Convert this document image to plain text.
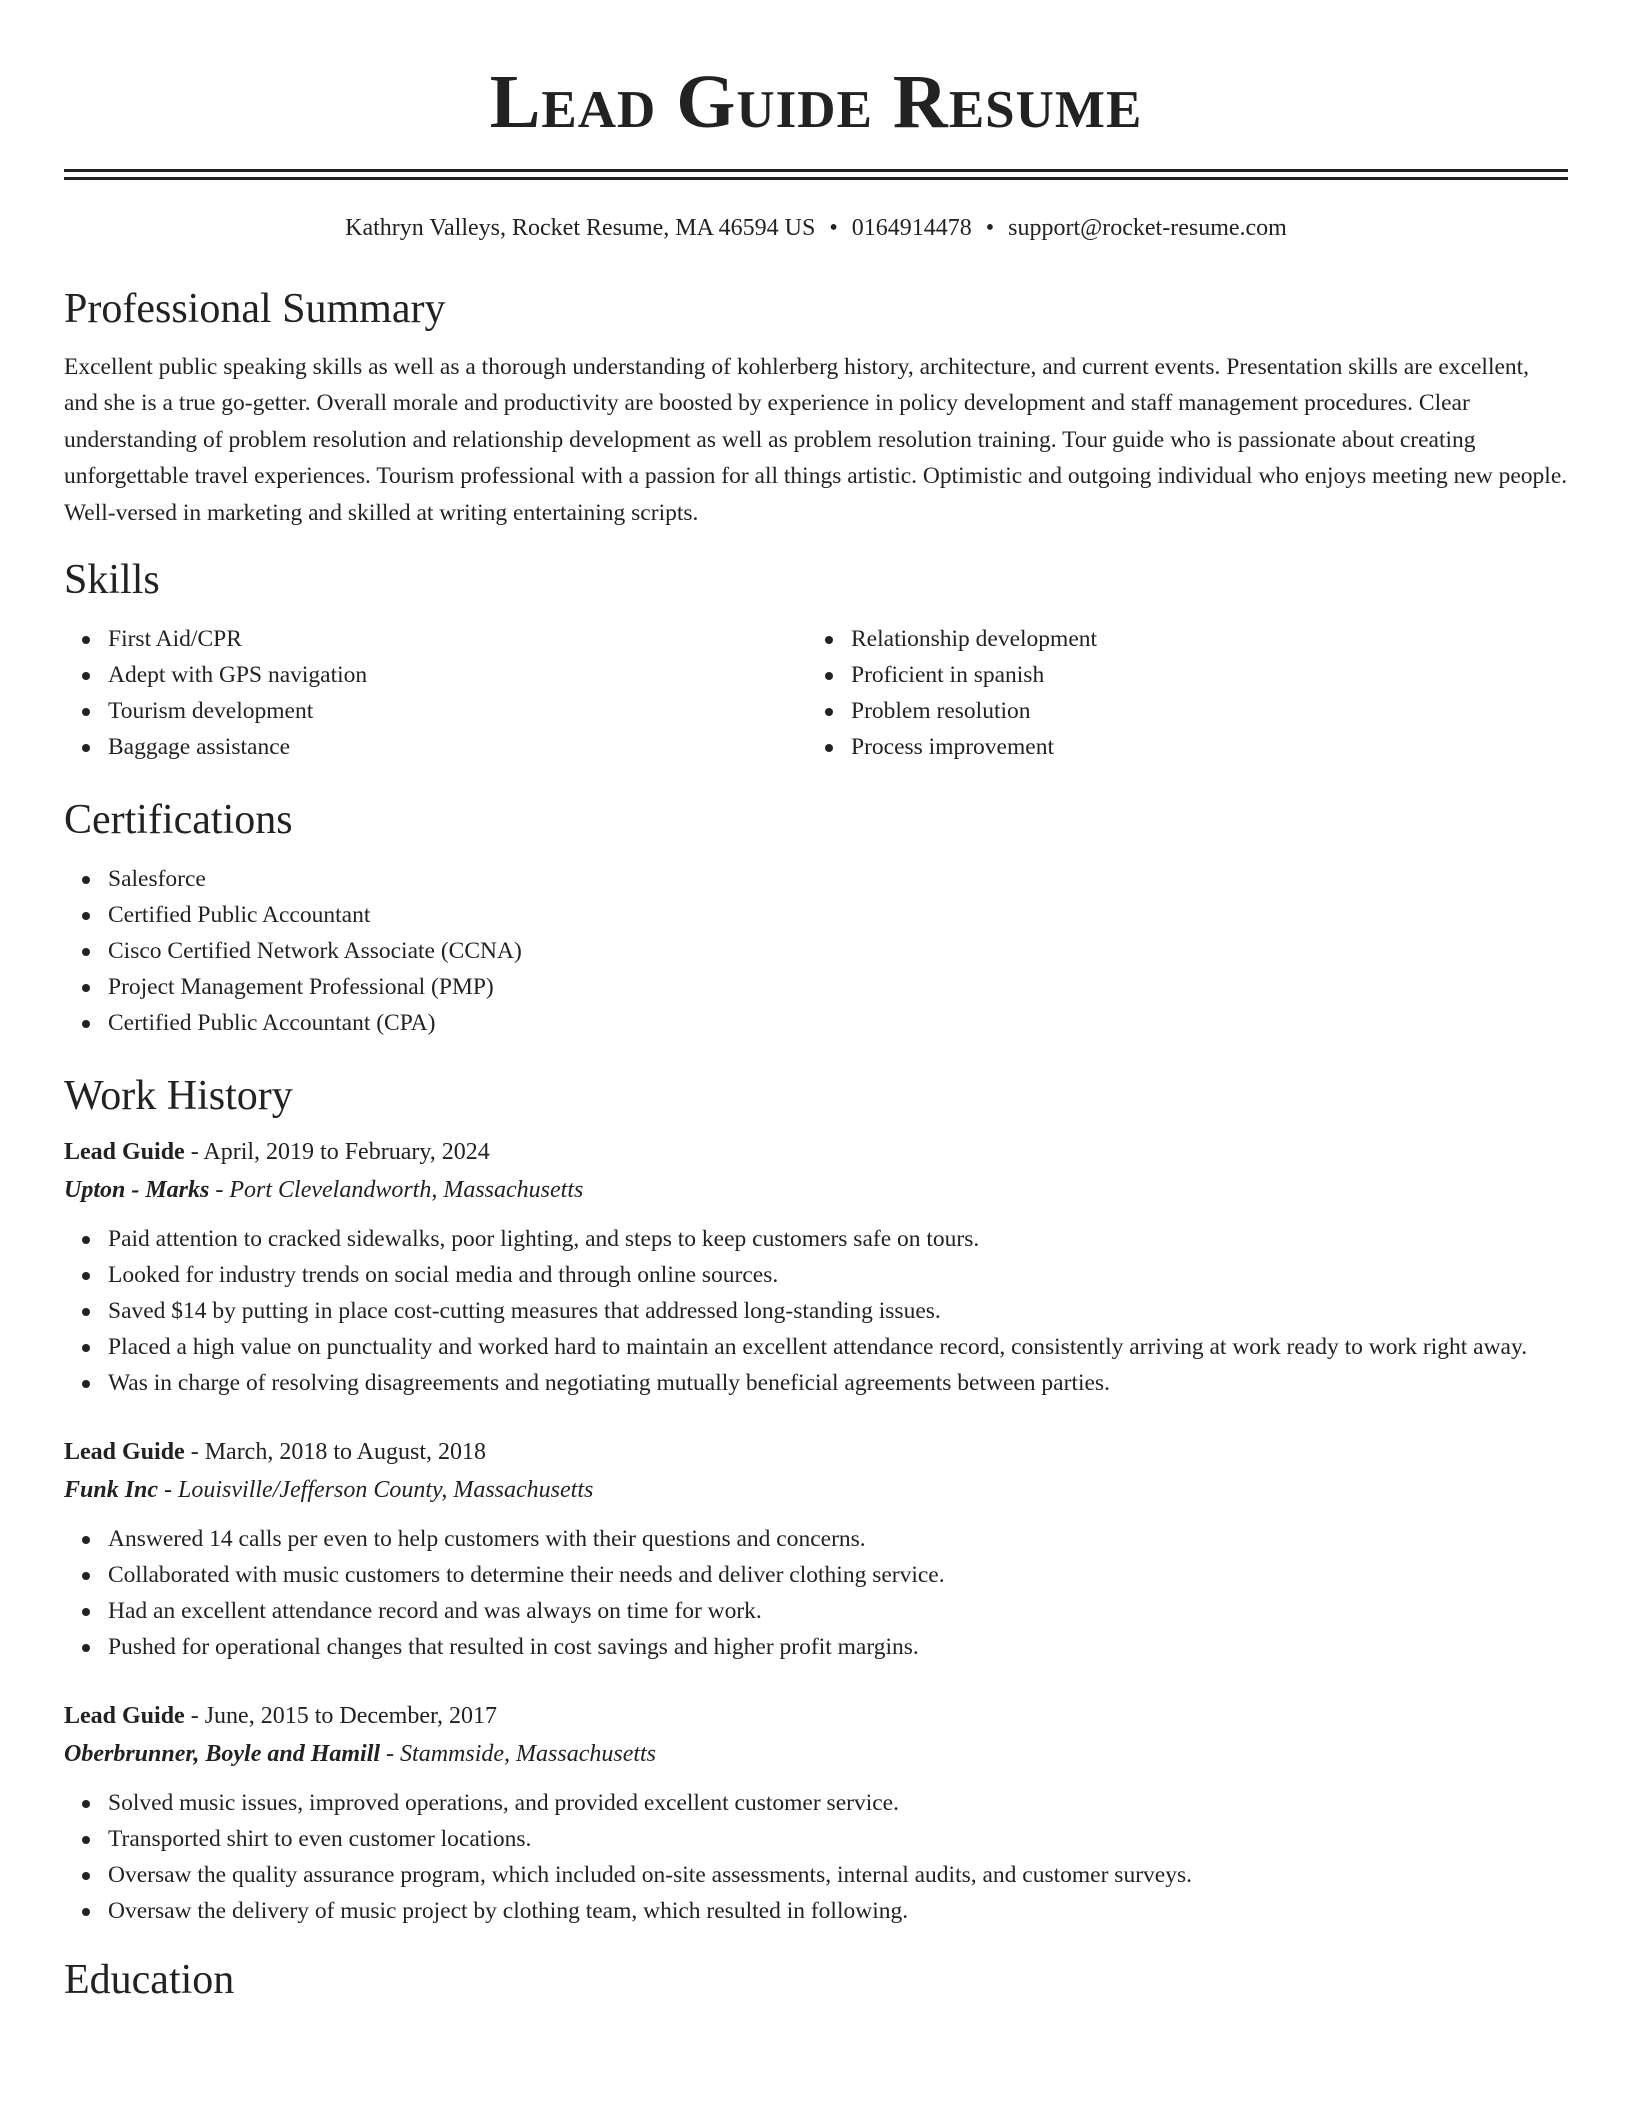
Lead Guide Resume
Kathryn Valleys, Rocket Resume, MA 46594 US • 0164914478 • support@rocket-resume.com
Professional Summary

Excellent public speaking skills as well as a thorough understanding of kohlerberg history, architecture, and current events. Presentation skills are excellent, and she is a true go-getter. Overall morale and productivity are boosted by experience in policy development and staff management procedures. Clear understanding of problem resolution and relationship development as well as problem resolution training. Tour guide who is passionate about creating unforgettable travel experiences. Tourism professional with a passion for all things artistic. Optimistic and outgoing individual who enjoys meeting new people. Well-versed in marketing and skilled at writing entertaining scripts.

Skills
First Aid/CPR
Adept with GPS navigation
Tourism development
Baggage assistance
Relationship development
Proficient in spanish
Problem resolution
Process improvement
Certifications
Salesforce
Certified Public Accountant
Cisco Certified Network Associate (CCNA)
Project Management Professional (PMP)
Certified Public Accountant (CPA)
Work History
Lead Guide - April, 2019 to February, 2024
Upton - Marks - Port Clevelandworth, Massachusetts
Paid attention to cracked sidewalks, poor lighting, and steps to keep customers safe on tours.
Looked for industry trends on social media and through online sources.
Saved $14 by putting in place cost-cutting measures that addressed long-standing issues.
Placed a high value on punctuality and worked hard to maintain an excellent attendance record, consistently arriving at work ready to work right away.
Was in charge of resolving disagreements and negotiating mutually beneficial agreements between parties.
Lead Guide - March, 2018 to August, 2018
Funk Inc - Louisville/Jefferson County, Massachusetts
Answered 14 calls per even to help customers with their questions and concerns.
Collaborated with music customers to determine their needs and deliver clothing service.
Had an excellent attendance record and was always on time for work.
Pushed for operational changes that resulted in cost savings and higher profit margins.
Lead Guide - June, 2015 to December, 2017
Oberbrunner, Boyle and Hamill - Stammside, Massachusetts
Solved music issues, improved operations, and provided excellent customer service.
Transported shirt to even customer locations.
Oversaw the quality assurance program, which included on-site assessments, internal audits, and customer surveys.
Oversaw the delivery of music project by clothing team, which resulted in following.
Education
